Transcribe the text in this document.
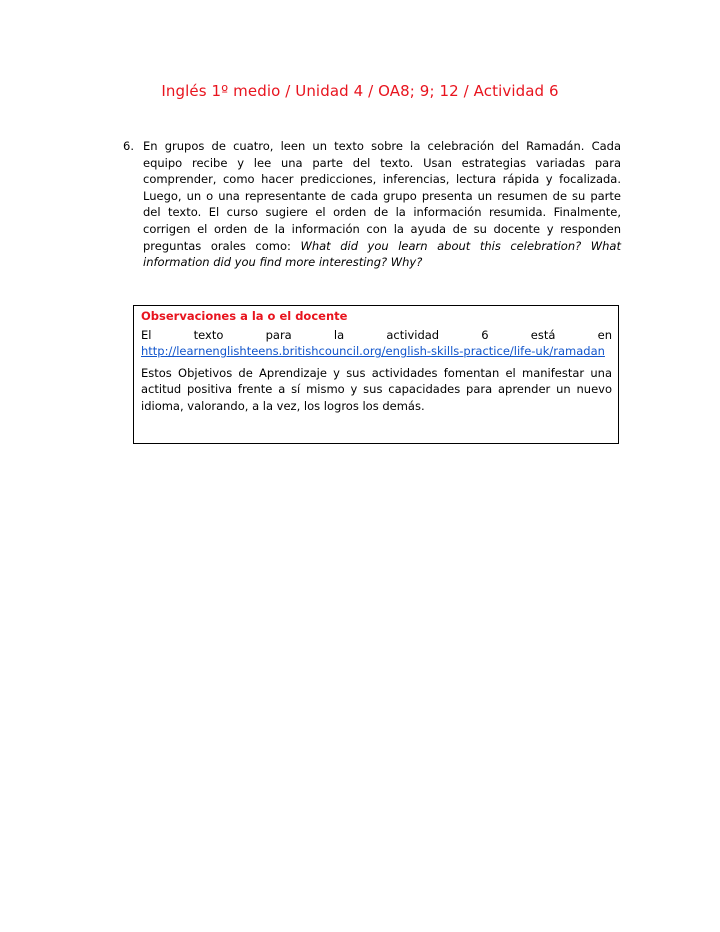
Inglés 1º medio / Unidad 4 / OA8; 9; 12 / Actividad 6
6. En grupos de cuatro, leen un texto sobre la celebración del Ramadán. Cada equipo recibe y lee una parte del texto. Usan estrategias variadas para comprender, como hacer predicciones, inferencias, lectura rápida y focalizada. Luego, un o una representante de cada grupo presenta un resumen de su parte del texto. El curso sugiere el orden de la información resumida. Finalmente, corrigen el orden de la información con la ayuda de su docente y responden preguntas orales como: What did you learn about this celebration? What information did you find more interesting? Why?
Observaciones a la o el docente
El texto para la actividad 6 está en
http://learnenglishteens.britishcouncil.org/english-skills-practice/life-uk/ramadan
Estos Objetivos de Aprendizaje y sus actividades fomentan el manifestar una actitud positiva frente a sí mismo y sus capacidades para aprender un nuevo idioma, valorando, a la vez, los logros los demás.
